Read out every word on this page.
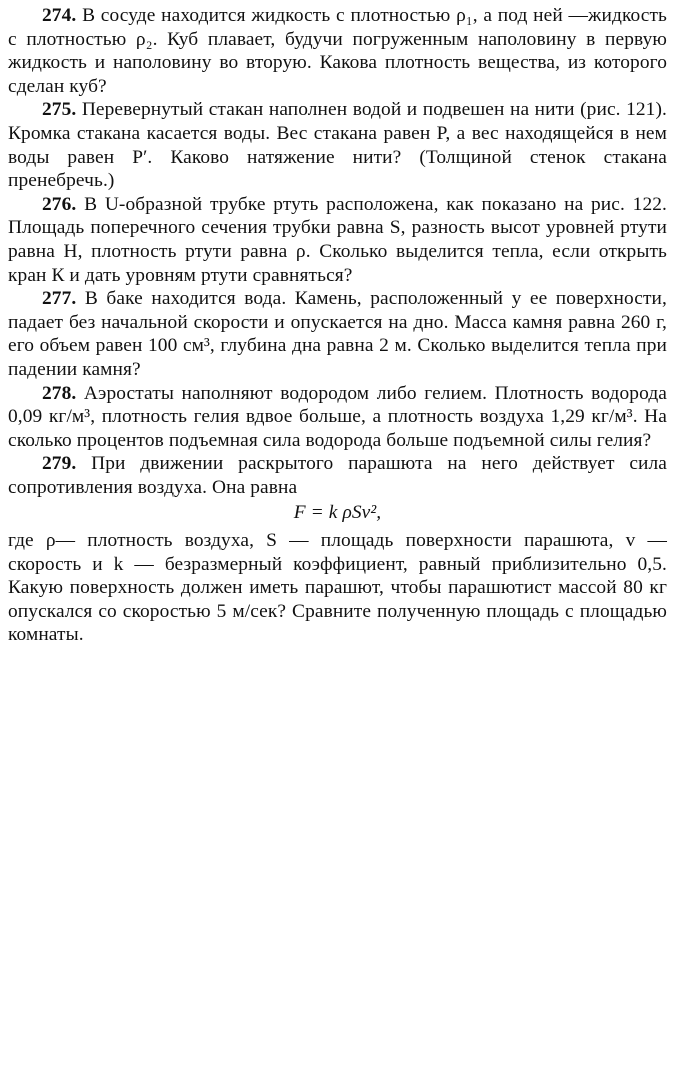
274. В сосуде находится жидкость с плотностью ρ₁, а под ней —жидкость с плотностью ρ₂. Куб плавает, будучи погруженным наполовину в первую жидкость и наполовину во вторую. Какова плотность вещества, из которого сделан куб?

275. Перевернутый стакан наполнен водой и подвешен на нити (рис. 121). Кромка стакана касается воды. Вес стакана равен P, а вес находящейся в нем воды равен P′. Каково натяжение нити? (Толщиной стенок стакана пренебречь.)

276. В U-образной трубке ртуть расположена, как показано на рис. 122. Площадь поперечного сечения трубки равна S, разность высот уровней ртути равна H, плотность ртути равна ρ. Сколько выделится тепла, если открыть кран К и дать уровням ртути сравняться?

277. В баке находится вода. Камень, расположенный у ее поверхности, падает без начальной скорости и опускается на дно. Масса камня равна 260 г, его объем равен 100 см³, глубина дна равна 2 м. Сколько выделится тепла при падении камня?

278. Аэростаты наполняют водородом либо гелием. Плотность водорода 0,09 кг/м³, плотность гелия вдвое больше, а плотность воздуха 1,29 кг/м³. На сколько процентов подъемная сила водорода больше подъемной силы гелия?

279. При движении раскрытого парашюта на него действует сила сопротивления воздуха. Она равна

F = k ρSv²,

где ρ— плотность воздуха, S — площадь поверхности парашюта, v — скорость и k — безразмерный коэффициент, равный приблизительно 0,5. Какую поверхность должен иметь парашют, чтобы парашютист массой 80 кг опускался со скоростью 5 м/сек? Сравните полученную площадь с площадью комнаты.
